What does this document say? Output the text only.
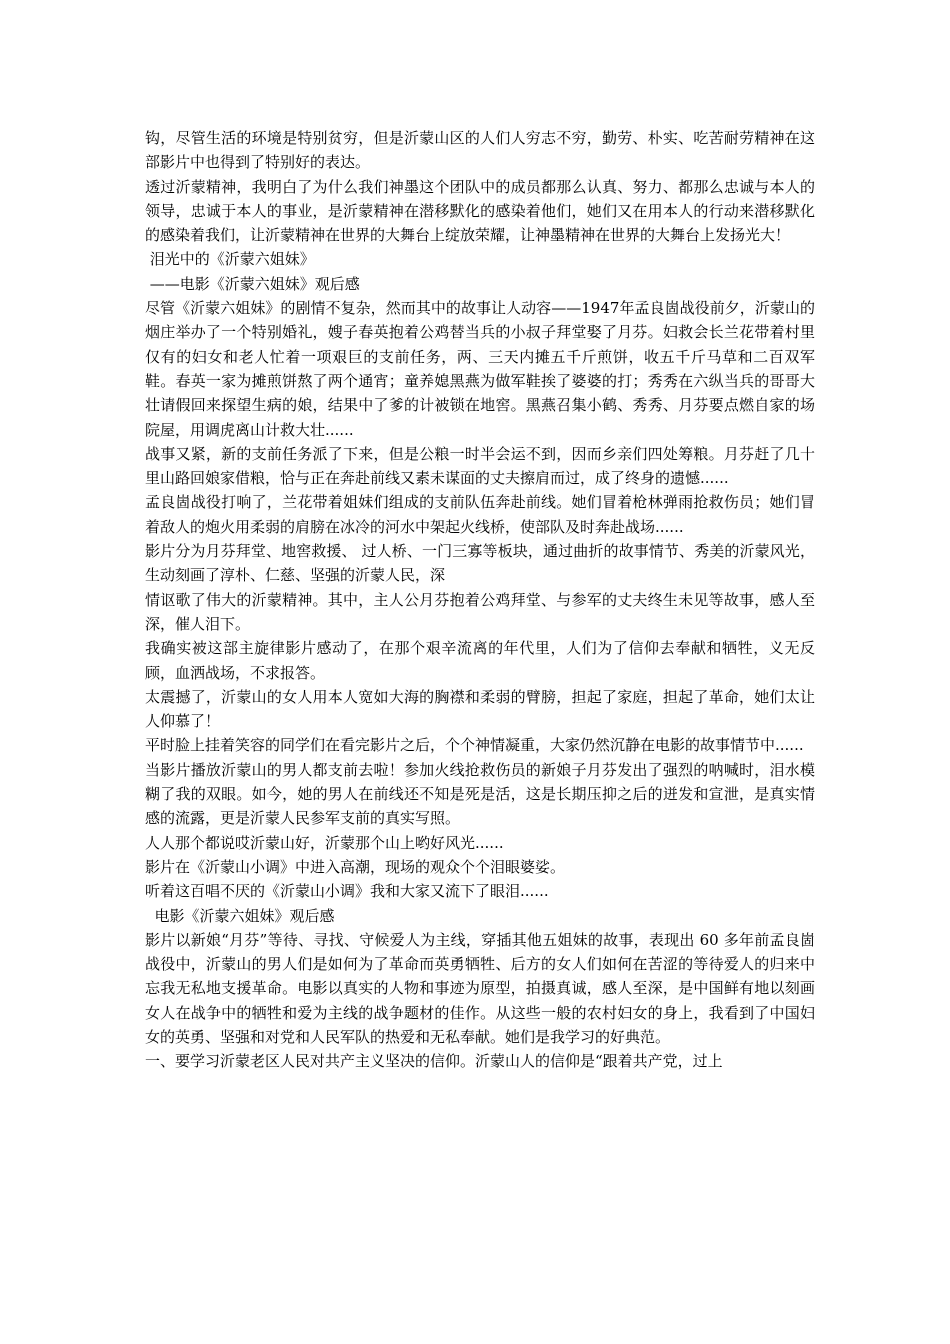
钩，尽管生活的环境是特别贫穷，但是沂蒙山区的人们人穷志不穷，勤劳、朴实、吃苦耐劳精神在这部影片中也得到了特别好的表达。

透过沂蒙精神，我明白了为什么我们神墨这个团队中的成员都那么认真、努力、都那么忠诚与本人的领导，忠诚于本人的事业，是沂蒙精神在潜移默化的感染着他们，她们又在用本人的行动来潜移默化的感染着我们，让沂蒙精神在世界的大舞台上绽放荣耀，让神墨精神在世界的大舞台上发扬光大！

泪光中的《沂蒙六姐妹》

——电影《沂蒙六姐妹》观后感

尽管《沂蒙六姐妹》的剧情不复杂，然而其中的故事让人动容——1947年孟良崮战役前夕，沂蒙山的烟庄举办了一个特别婚礼，嫂子春英抱着公鸡替当兵的小叔子拜堂娶了月芬。妇救会长兰花带着村里仅有的妇女和老人忙着一项艰巨的支前任务，两、三天内摊五千斤煎饼，收五千斤马草和二百双军鞋。春英一家为摊煎饼熬了两个通宵；童养媳黑燕为做军鞋挨了婆婆的打；秀秀在六纵当兵的哥哥大壮请假回来探望生病的娘，结果中了爹的计被锁在地窖。黑燕召集小鹤、秀秀、月芬要点燃自家的场院屋，用调虎离山计救大壮......

战事又紧，新的支前任务派了下来，但是公粮一时半会运不到，因而乡亲们四处筹粮。月芬赶了几十里山路回娘家借粮，恰与正在奔赴前线又素未谋面的丈夫擦肩而过，成了终身的遗憾......

孟良崮战役打响了，兰花带着姐妹们组成的支前队伍奔赴前线。她们冒着枪林弹雨抢救伤员；她们冒着敌人的炮火用柔弱的肩膀在冰冷的河水中架起火线桥，使部队及时奔赴战场......

影片分为月芬拜堂、地窖救援、 过人桥、一门三寡等板块，通过曲折的故事情节、秀美的沂蒙风光，生动刻画了淳朴、仁慈、坚强的沂蒙人民，深

情讴歌了伟大的沂蒙精神。其中，主人公月芬抱着公鸡拜堂、与参军的丈夫终生未见等故事，感人至深，催人泪下。

我确实被这部主旋律影片感动了，在那个艰辛流离的年代里，人们为了信仰去奉献和牺牲，义无反顾，血洒战场，不求报答。

太震撼了，沂蒙山的女人用本人宽如大海的胸襟和柔弱的臂膀，担起了家庭，担起了革命，她们太让人仰慕了！

平时脸上挂着笑容的同学们在看完影片之后，个个神情凝重，大家仍然沉静在电影的故事情节中......

当影片播放沂蒙山的男人都支前去啦！参加火线抢救伤员的新娘子月芬发出了强烈的呐喊时，泪水模糊了我的双眼。如今，她的男人在前线还不知是死是活，这是长期压抑之后的迸发和宣泄，是真实情感的流露，更是沂蒙人民参军支前的真实写照。

人人那个都说哎沂蒙山好，沂蒙那个山上哟好风光......

影片在《沂蒙山小调》中进入高潮，现场的观众个个泪眼婆娑。

听着这百唱不厌的《沂蒙山小调》我和大家又流下了眼泪......

电影《沂蒙六姐妹》观后感

影片以新娘“月芬”等待、寻找、守候爱人为主线，穿插其他五姐妹的故事，表现出 60 多年前孟良崮战役中，沂蒙山的男人们是如何为了革命而英勇牺牲、后方的女人们如何在苦涩的等待爱人的归来中忘我无私地支援革命。电影以真实的人物和事迹为原型，拍摄真诚，感人至深，是中国鲜有地以刻画女人在战争中的牺牲和爱为主线的战争题材的佳作。从这些一般的农村妇女的身上，我看到了中国妇女的英勇、坚强和对党和人民军队的热爱和无私奉献。她们是我学习的好典范。

一、要学习沂蒙老区人民对共产主义坚决的信仰。沂蒙山人的信仰是“跟着共产党，过上
